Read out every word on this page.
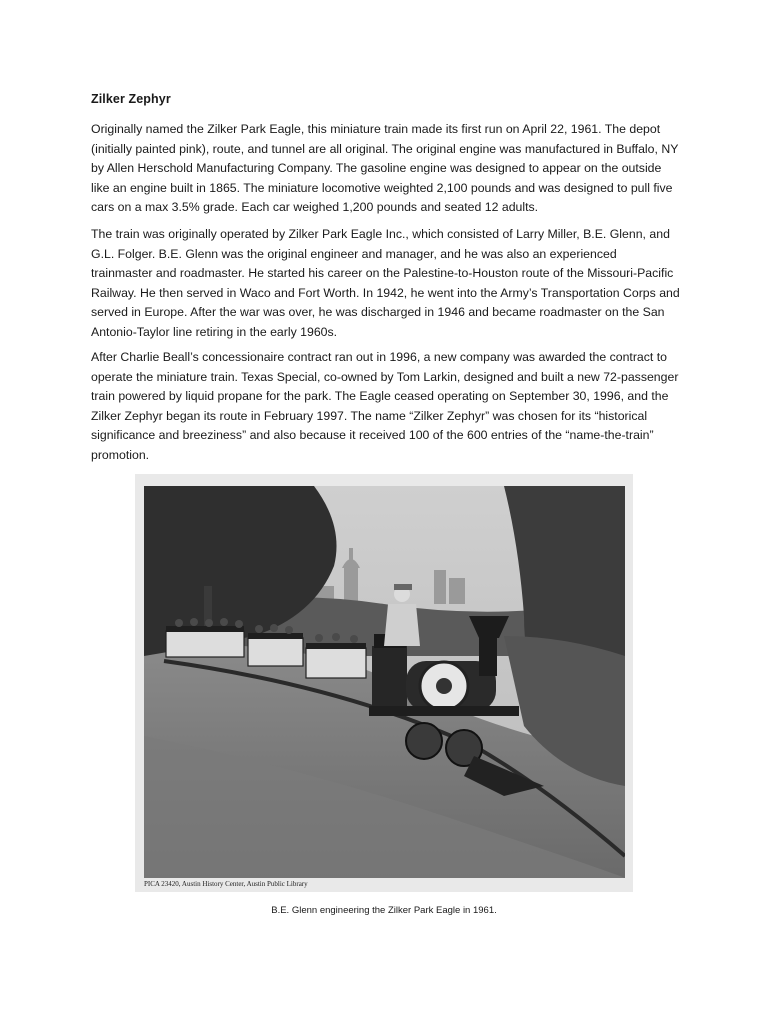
Zilker Zephyr

Originally named the Zilker Park Eagle, this miniature train made its first run on April 22, 1961. The depot (initially painted pink), route, and tunnel are all original. The original engine was manufactured in Buffalo, NY by Allen Herschold Manufacturing Company. The gasoline engine was designed to appear on the outside like an engine built in 1865. The miniature locomotive weighted 2,100 pounds and was designed to pull five cars on a max 3.5% grade. Each car weighed 1,200 pounds and seated 12 adults.

The train was originally operated by Zilker Park Eagle Inc., which consisted of Larry Miller, B.E. Glenn, and G.L. Folger. B.E. Glenn was the original engineer and manager, and he was also an experienced trainmaster and roadmaster. He started his career on the Palestine-to-Houston route of the Missouri-Pacific Railway. He then served in Waco and Fort Worth. In 1942, he went into the Army’s Transportation Corps and served in Europe. After the war was over, he was discharged in 1946 and became roadmaster on the San Antonio-Taylor line retiring in the early 1960s.

After Charlie Beall’s concessionaire contract ran out in 1996, a new company was awarded the contract to operate the miniature train. Texas Special, co-owned by Tom Larkin, designed and built a new 72-passenger train powered by liquid propane for the park. The Eagle ceased operating on September 30, 1996, and the Zilker Zephyr began its route in February 1997. The name “Zilker Zephyr” was chosen for its “historical significance and breeziness” and also because it received 100 of the 600 entries of the “name-the-train” promotion.

PICA 23420, Austin History Center, Austin Public Library
B.E. Glenn engineering the Zilker Park Eagle in 1961.
